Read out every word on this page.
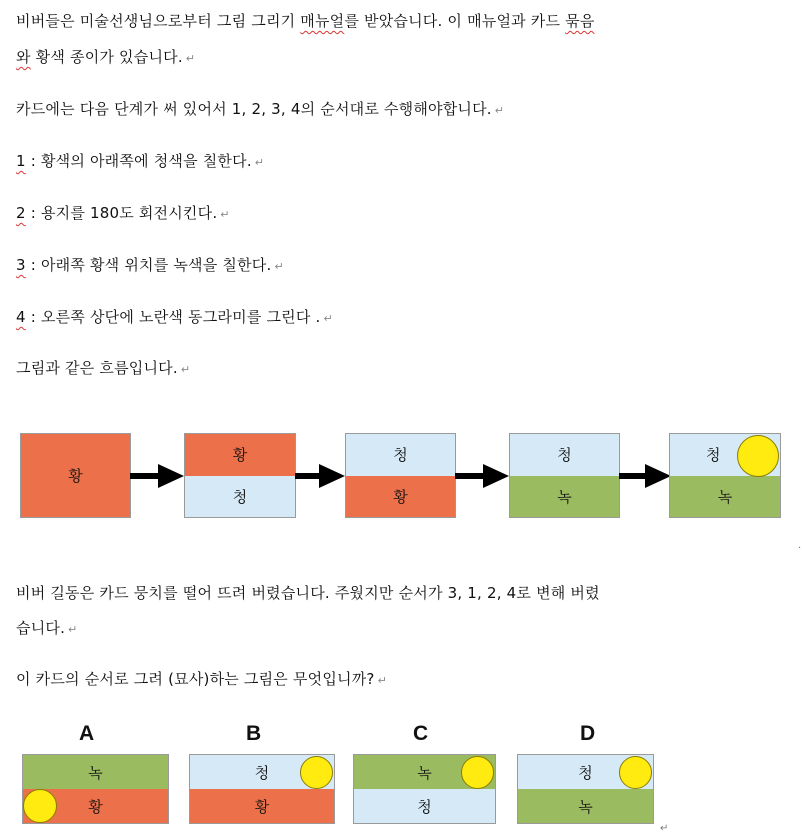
비버들은 미술선생님으로부터 그림 그리기 매뉴얼를 받았습니다. 이 매뉴얼과 카드 묶음
와 황색 종이가 있습니다. ↵
카드에는 다음 단계가 써 있어서 1, 2, 3, 4의 순서대로 수행해야합니다. ↵
1 : 황색의 아래쪽에 청색을 칠한다. ↵
2 : 용지를 180도 회전시킨다. ↵
3 : 아래쪽 황색 위치를 녹색을 칠한다. ↵
4 : 오른쪽 상단에 노란색 동그라미를 그린다 . ↵
그림과 같은 흐름입니다. ↵
황
황
청
청
황
청
녹
청
녹
·
비버 길동은 카드 뭉치를 떨어 뜨려 버렸습니다. 주웠지만 순서가 3, 1, 2, 4로 변해 버렸
습니다. ↵
이 카드의 순서로 그려 (묘사)하는 그림은 무엇입니까? ↵
A
녹
황
B
청
황
C
녹
청
D
청
녹
↵
